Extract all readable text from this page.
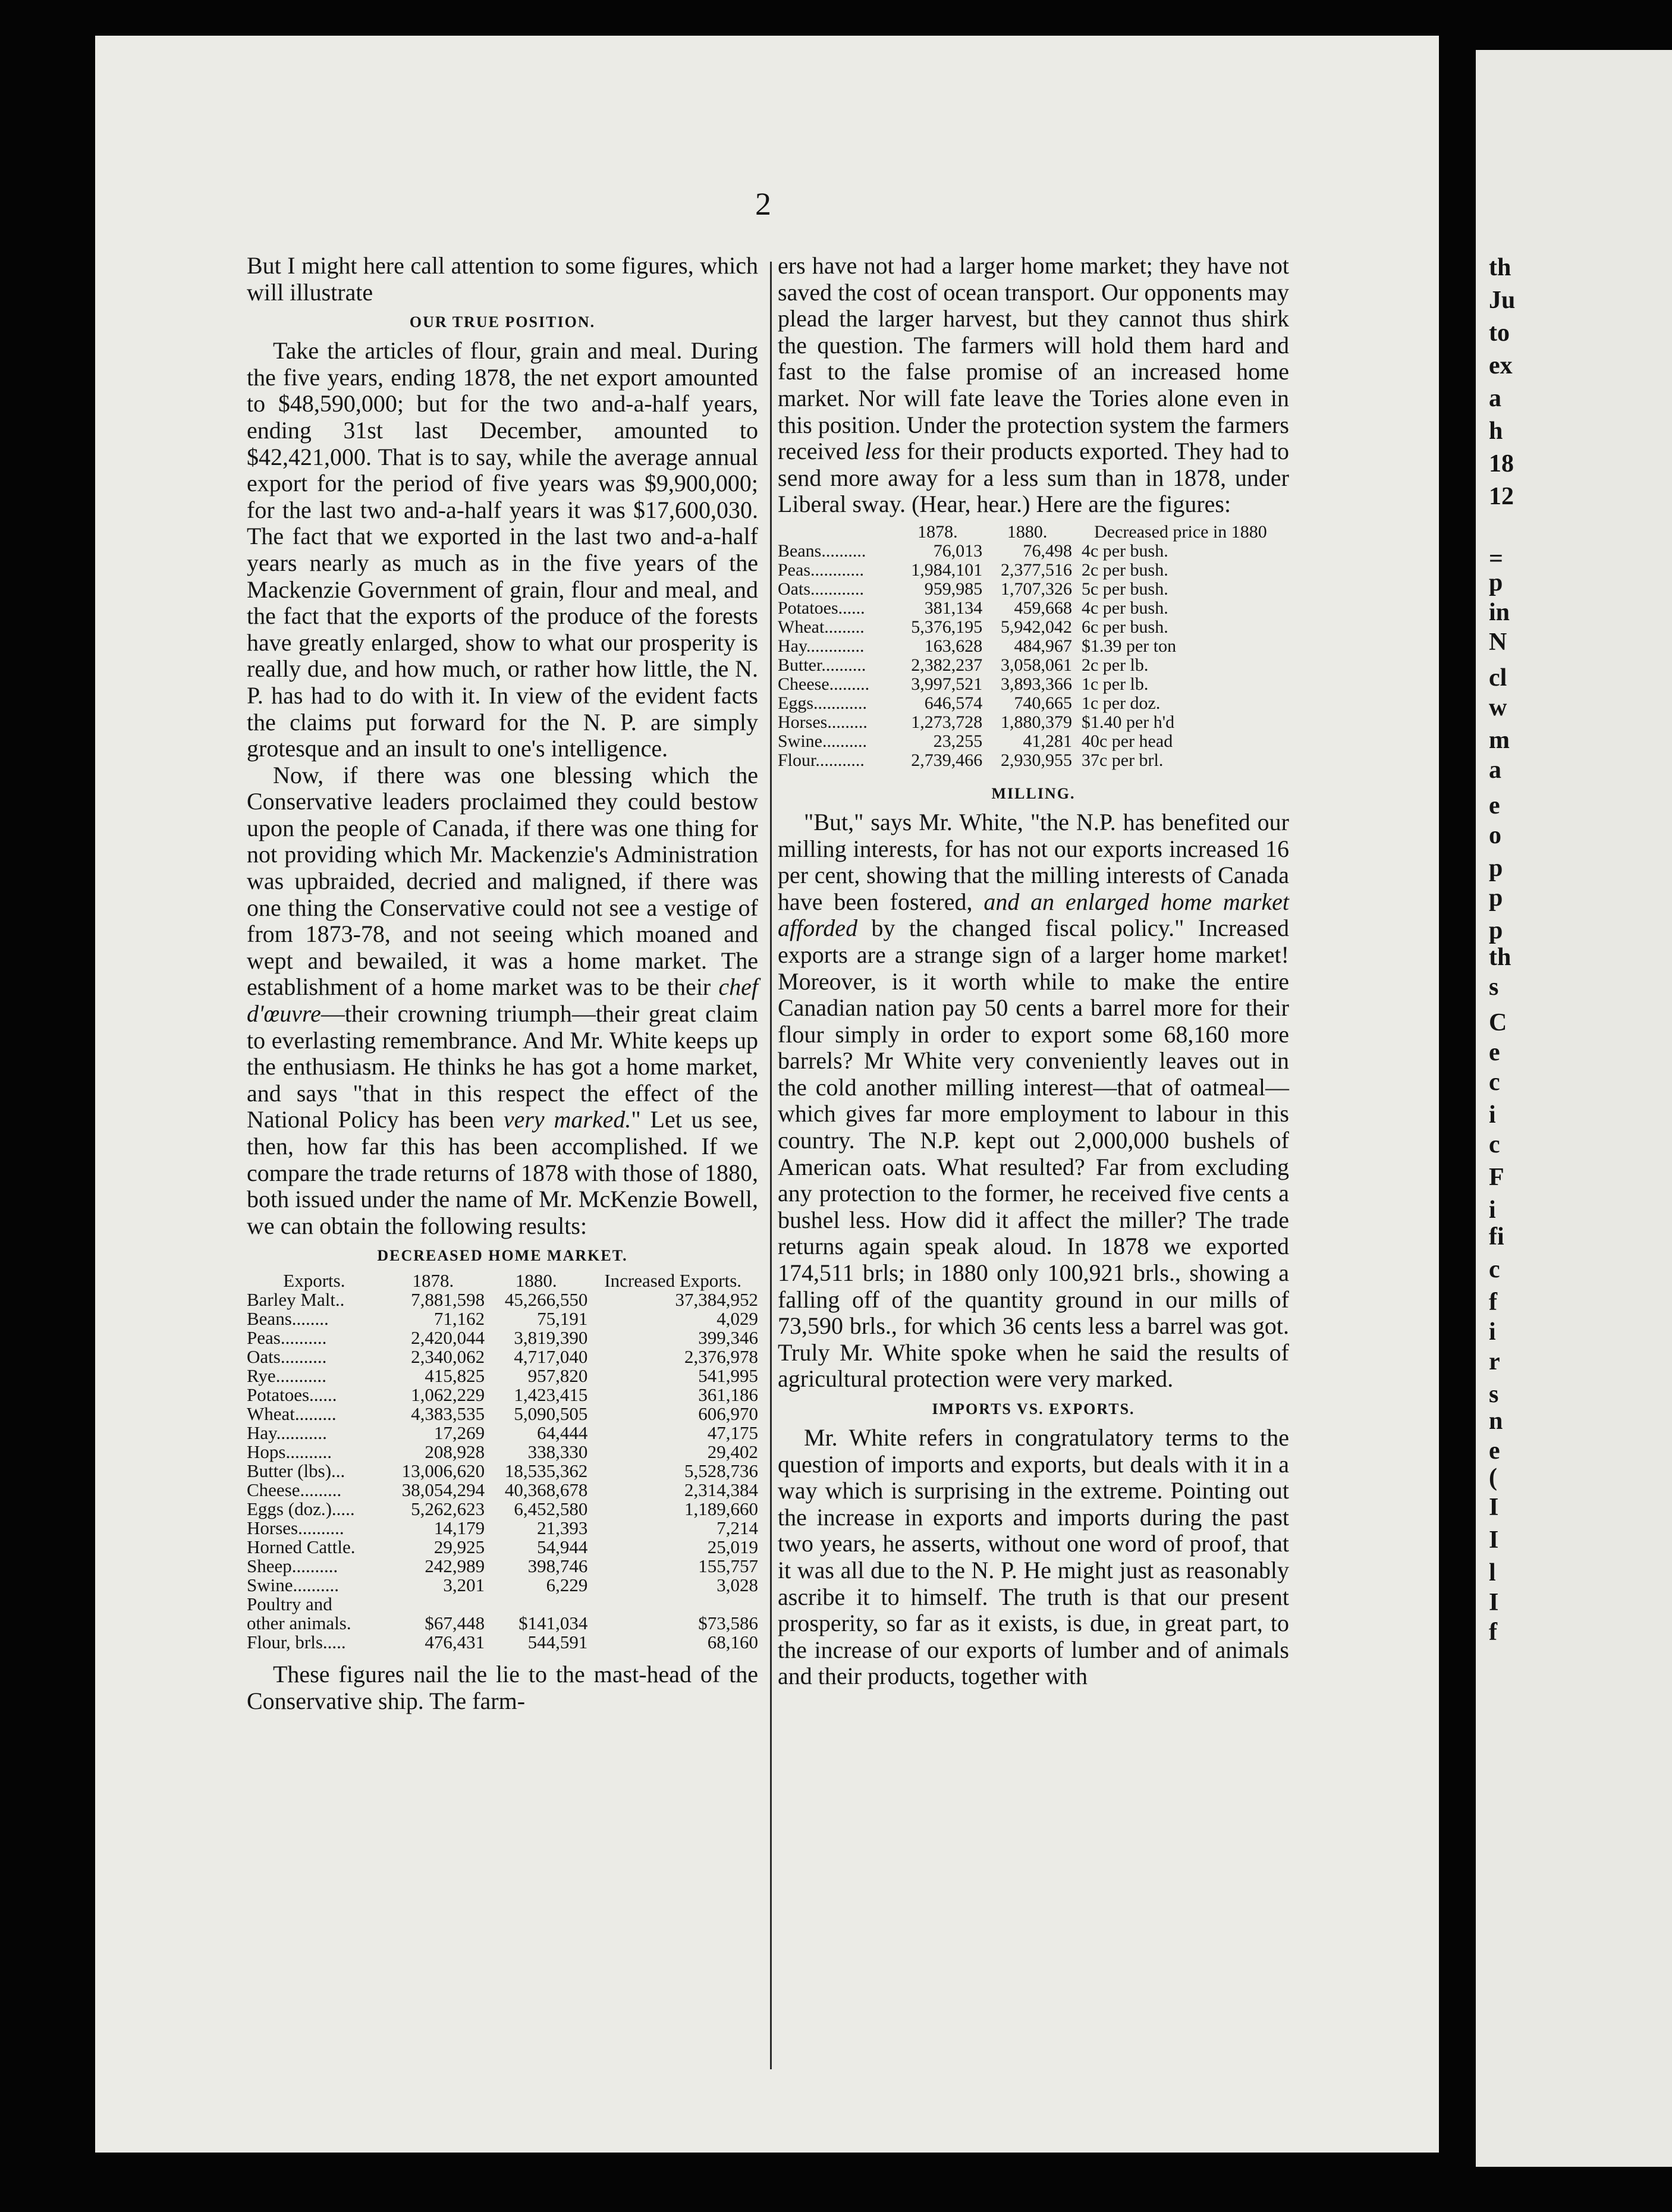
2

But I might here call attention to some figures, which will illustrate

OUR TRUE POSITION.

Take the articles of flour, grain and meal. During the five years, ending 1878, the net export amounted to $48,590,000; but for the two and-a-half years, ending 31st last December, amounted to $42,421,000. That is to say, while the average annual export for the period of five years was $9,900,000; for the last two and-a-half years it was $17,600,030. The fact that we exported in the last two and-a-half years nearly as much as in the five years of the Mackenzie Government of grain, flour and meal, and the fact that the exports of the produce of the forests have greatly enlarged, show to what our prosperity is really due, and how much, or rather how little, the N. P. has had to do with it. In view of the evident facts the claims put forward for the N. P. are simply grotesque and an insult to one's intelligence.

Now, if there was one blessing which the Conservative leaders proclaimed they could bestow upon the people of Canada, if there was one thing for not providing which Mr. Mackenzie's Administration was upbraided, decried and maligned, if there was one thing the Conservative could not see a vestige of from 1873-78, and not seeing which moaned and wept and bewailed, it was a home market. The establishment of a home market was to be their chef d'œuvre—their crowning triumph—their great claim to everlasting remembrance. And Mr. White keeps up the enthusiasm. He thinks he has got a home market, and says "that in this respect the effect of the National Policy has been very marked." Let us see, then, how far this has been accomplished. If we compare the trade returns of 1878 with those of 1880, both issued under the name of Mr. McKenzie Bowell, we can obtain the following results:

DECREASED HOME MARKET.
Exports.	1878.	1880.	Increased Exports.
Barley Malt..	7,881,598	45,266,550	37,384,952
Beans........	71,162	75,191	4,029
Peas..........	2,420,044	3,819,390	399,346
Oats..........	2,340,062	4,717,040	2,376,978
Rye...........	415,825	957,820	541,995
Potatoes......	1,062,229	1,423,415	361,186
Wheat.........	4,383,535	5,090,505	606,970
Hay...........	17,269	64,444	47,175
Hops..........	208,928	338,330	29,402
Butter (lbs)...	13,006,620	18,535,362	5,528,736
Cheese.........	38,054,294	40,368,678	2,314,384
Eggs (doz.).....	5,262,623	6,452,580	1,189,660
Horses..........	14,179	21,393	7,214
Horned Cattle.	29,925	54,944	25,019
Sheep..........	242,989	398,746	155,757
Swine..........	3,201	6,229	3,028
Poultry and			
other animals.	$67,448	$141,034	$73,586
Flour, brls.....	476,431	544,591	68,160

These figures nail the lie to the mast-head of the Conservative ship. The farm-

ers have not had a larger home market; they have not saved the cost of ocean transport. Our opponents may plead the larger harvest, but they cannot thus shirk the question. The farmers will hold them hard and fast to the false promise of an increased home market. Nor will fate leave the Tories alone even in this position. Under the protection system the farmers received less for their products exported. They had to send more away for a less sum than in 1878, under Liberal sway. (Hear, hear.) Here are the figures:

	1878.	1880.	Decreased price in 1880
Beans..........	76,013	76,498	4c per bush.
Peas............	1,984,101	2,377,516	2c per bush.
Oats............	959,985	1,707,326	5c per bush.
Potatoes......	381,134	459,668	4c per bush.
Wheat.........	5,376,195	5,942,042	6c per bush.
Hay.............	163,628	484,967	$1.39 per ton
Butter..........	2,382,237	3,058,061	2c per lb.
Cheese.........	3,997,521	3,893,366	1c per lb.
Eggs............	646,574	740,665	1c per doz.
Horses.........	1,273,728	1,880,379	$1.40 per h'd
Swine..........	23,255	41,281	40c per head
Flour...........	2,739,466	2,930,955	37c per brl.
MILLING.

"But," says Mr. White, "the N.P. has benefited our milling interests, for has not our exports increased 16 per cent, showing that the milling interests of Canada have been fostered, and an enlarged home market afforded by the changed fiscal policy." Increased exports are a strange sign of a larger home market! Moreover, is it worth while to make the entire Canadian nation pay 50 cents a barrel more for their flour simply in order to export some 68,160 more barrels? Mr White very conveniently leaves out in the cold another milling interest—that of oatmeal—which gives far more employment to labour in this country. The N.P. kept out 2,000,000 bushels of American oats. What resulted? Far from excluding any protection to the former, he received five cents a bushel less. How did it affect the miller? The trade returns again speak aloud. In 1878 we exported 174,511 brls; in 1880 only 100,921 brls., showing a falling off of the quantity ground in our mills of 73,590 brls., for which 36 cents less a barrel was got. Truly Mr. White spoke when he said the results of agricultural protection were very marked.

IMPORTS VS. EXPORTS.

Mr. White refers in congratulatory terms to the question of imports and exports, but deals with it in a way which is surprising in the extreme. Pointing out the increase in exports and imports during the past two years, he asserts, without one word of proof, that it was all due to the N. P. He might just as reasonably ascribe it to himself. The truth is that our present prosperity, so far as it exists, is due, in great part, to the increase of our exports of lumber and of animals and their products, together with

th
Ju
to
ex
a
h
18
12
=
p
in
N
cl
w
m
a
e
o
p
p
p
th
s
C
e
c
i
c
F
i
fi
c
f
i
r
s
n
e
(
I
I
l
I
f
